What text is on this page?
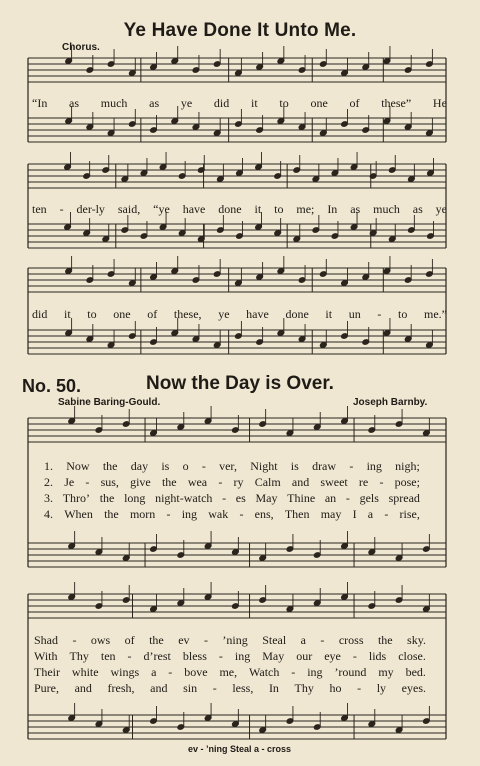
Ye Have Done It Unto Me.
Chorus.
“In as much as ye did it to one of these” He
ten - der-ly said, “ye have done it to me; In as much as ye
did it to one of these, ye have done it un - to me.”
No. 50.	Now the Day is Over.
Sabine Baring-Gould.	Joseph Barnby.
1. Now the day is o - ver, Night is draw - ing nigh;
2. Je - sus, give the wea - ry Calm and sweet re - pose;
3. Thro’ the long night-watch - es May Thine an - gels spread
4. When the morn - ing wak - ens, Then may I a - rise,
Shad - ows of the ev - ’ning Steal a - cross the sky.
With Thy ten - d’rest bless - ing May our eye - lids close.
Their white wings a - bove me, Watch - ing ’round my bed.
Pure, and fresh, and sin - less, In Thy ho - ly eyes.
ev - ’ning Steal a - cross
